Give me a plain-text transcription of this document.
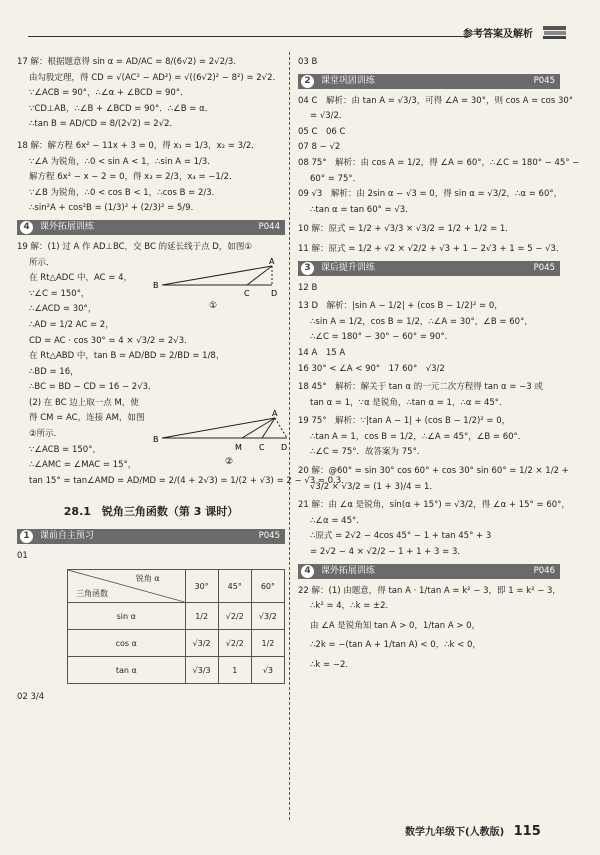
参考答案及解析
17 解：根据题意得 sin α = AD/AC = 8/(6√2) = 2√2/3．
由勾股定理，得 CD = √(AC² − AD²) = √((6√2)² − 8²) = 2√2．
∵∠ACB = 90°，∴∠α + ∠BCD = 90°．
∵CD⊥AB，∴∠B + ∠BCD = 90°．∴∠B = α．
∴tan B = AD/CD = 8/(2√2) = 2√2．
18 解：解方程 6x² − 11x + 3 = 0，得 x₁ = 1/3，x₂ = 3/2．
∵∠A 为锐角，∴0 < sin A < 1，∴sin A = 1/3．
解方程 6x² − x − 2 = 0，得 x₃ = 2/3，x₄ = −1/2．
∵∠B 为锐角，∴0 < cos B < 1，∴cos B = 2/3．
∴sin²A + cos²B = (1/3)² + (2/3)² = 5/9．
4 课外拓展训练	P044
19 解：(1) 过 A 作 AD⊥BC，交 BC 的延长线于点 D，如图①
所示．
在 Rt△ADC 中，AC = 4，
∵∠C = 150°，
∴∠ACD = 30°，
∴AD = 1/2 AC = 2，
CD = AC · cos 30° = 4 × √3/2 = 2√3．
在 Rt△ABD 中，tan B = AD/BD = 2/BD = 1/8，
∴BD = 16，
∴BC = BD − CD = 16 − 2√3．
(2) 在 BC 边上取一点 M，使
得 CM = AC，连接 AM，如图
②所示．
∵∠ACB = 150°，
∴∠AMC = ∠MAC = 15°，
tan 15° = tan∠AMD = AD/MD = 2/(4 + 2√3) = 1/(2 + √3) = 2 − √3 ≈ 0.3．
B
A
C	D
①
B
A
M C D
②
28.1　锐角三角函数（第 3 课时）
1 课前自主预习	P045
01
锐角 α
三角函数	30°	45°	60°
sin α	1/2	√2/2	√3/2
cos α	√3/2	√2/2	1/2
tan α	√3/3	1	√3
02 3/4
03 B
2 课堂巩固训练	P045
04 C　解析：由 tan A = √3/3，可得 ∠A = 30°，则 cos A = cos 30°
= √3/2．
05 C　06 C
07 8 − √2
08 75°　解析：由 cos A = 1/2，得 ∠A = 60°，∴∠C = 180° − 45° −
60° = 75°．
09 √3　解析：由 2sin α − √3 = 0，得 sin α = √3/2，∴α = 60°，
∴tan α = tan 60° = √3．
10 解：原式 = 1/2 + √3/3 × √3/2 = 1/2 + 1/2 = 1．
11 解：原式 = 1/2 + √2 × √2/2 + √3 + 1 − 2√3 + 1 = 5 − √3．
3 课后提升训练	P045
12 B
13 D　解析：|sin A − 1/2| + (cos B − 1/2)² = 0，
∴sin A = 1/2，cos B = 1/2，∴∠A = 30°，∠B = 60°，
∴∠C = 180° − 30° − 60° = 90°．
14 A　15 A
16 30° < ∠A < 90°　17 60°　√3/2
18 45°　解析：解关于 tan α 的一元二次方程得 tan α = −3 或
tan α = 1，∵α 是锐角，∴tan α = 1，∴α = 45°．
19 75°　解析：∵|tan A − 1| + (cos B − 1/2)² = 0，
∴tan A = 1，cos B = 1/2，∴∠A = 45°，∠B = 60°．
∴∠C = 75°．故答案为 75°．
20 解：@60° = sin 30° cos 60° + cos 30° sin 60° = 1/2 × 1/2 +
√3/2 × √3/2 = (1 + 3)/4 = 1．
21 解：由 ∠α 是锐角，sin(α + 15°) = √3/2，得 ∠α + 15° = 60°，
∴∠α = 45°．
∴原式 = 2√2 − 4cos 45° − 1 + tan 45° + 3
= 2√2 − 4 × √2/2 − 1 + 1 + 3 = 3．
4 课外拓展训练	P046
22 解：(1) 由题意，得 tan A · 1/tan A = k² − 3，即 1 = k² − 3，
∴k² = 4，∴k = ±2．
由 ∠A 是锐角知 tan A > 0，1/tan A > 0，
∴2k = −(tan A + 1/tan A) < 0，∴k < 0，
∴k = −2．
数学九年级下(人教版) 115
